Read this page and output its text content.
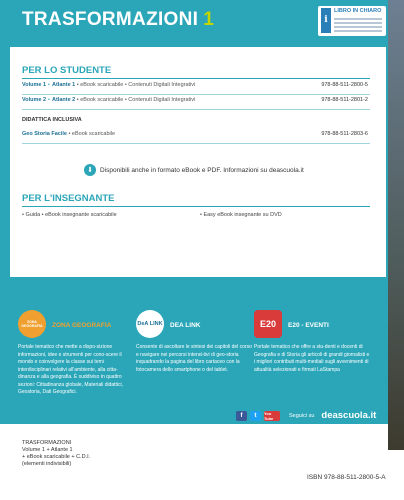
TRASFORMAZIONI 1	i
LIBRO IN CHIARO
PER LO STUDENTE
Volume 1 • Atlante 1 • eBook scaricabile • Contenuti Digitali Integrativi	978-88-511-2800-5
Volume 2 • Atlante 2 • eBook scaricabile • Contenuti Digitali Integrativi	978-88-511-2801-2
DIDATTICA INCLUSIVA
Geo Storia Facile • eBook scaricabile	978-88-511-2803-6
⬇	Disponibili anche in formato eBook e PDF. Informazioni su deascuola.it
PER L'INSEGNANTE
• Guida • eBook insegnante scaricabile	• Easy eBook insegnante su DVD
ZONA GEOGRAFIA	ZONA GEOGRAFIA
Portale tematico che mette a dispo-sizione informazioni, idee e strumenti per cono-scere il mondo e coinvolgere la classe sui temi interdisciplinari relativi all'ambiente, alla citta-dinanza e alla geografia. È suddiviso in quattro sezioni: Cittadinanza globale, Materiali didattici, Geostoria, Dati Geografici.
DeA LINK DEA LINK
Consente di ascoltare le sintesi dei capitoli del corso e navigare nei percorsi interat-tivi di geo-storia inquadrando la pagina del libro cartaceo con la fotocamera dello smartphone o del tablet.
E20	E20 - EVENTI
Portale tematico che offre a stu-denti e docenti di Geografia e di Storia gli articoli di grandi giornalisti e i migliori contributi multi-mediali sugli avvenimenti di attualità selezionati e firmati LaStampa
f	t	You Tube	Seguici su deascuola.it
TRASFORMAZIONI
Volume 1 + Atlante 1
+ eBook scaricabile + C.D.I.
(elementi indivisibili)
ISBN 978-88-511-2800-5-A
